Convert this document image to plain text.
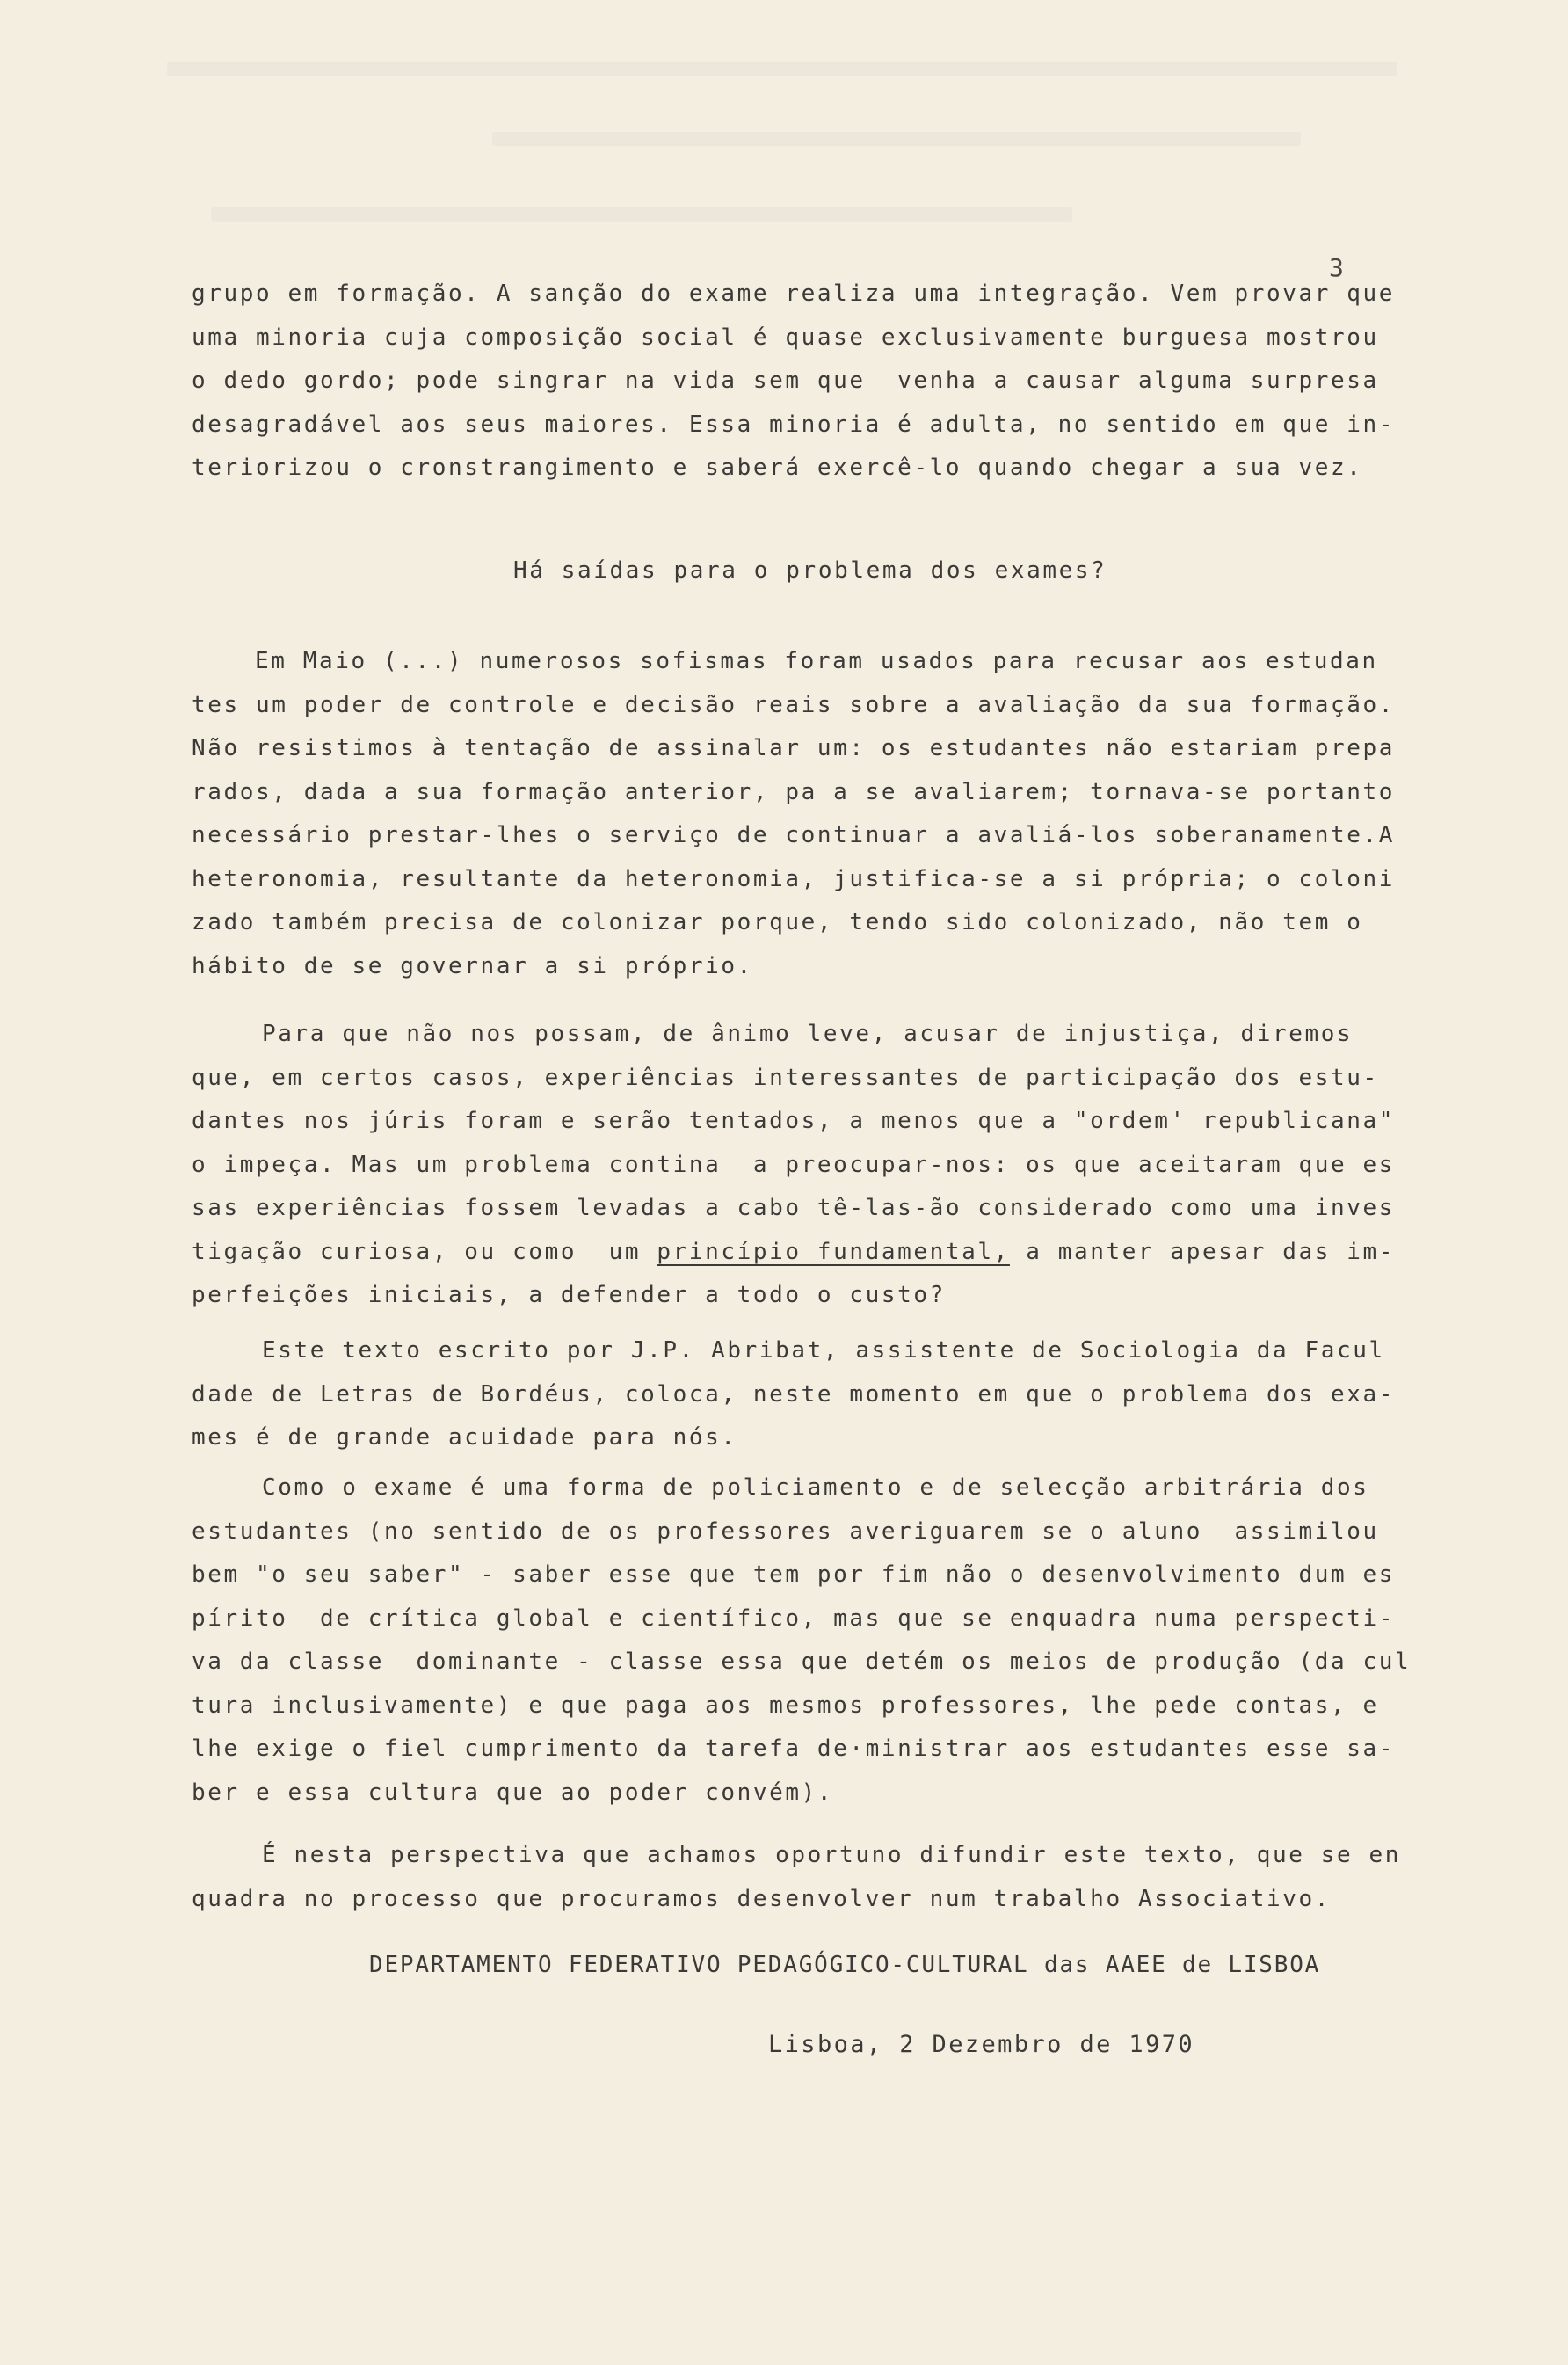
3

grupo em formação. A sanção do exame realiza uma integração. Vem provar que
uma minoria cuja composição social é quase exclusivamente burguesa mostrou
o dedo gordo; pode singrar na vida sem que  venha a causar alguma surpresa
desagradável aos seus maiores. Essa minoria é adulta, no sentido em que in-
teriorizou o cronstrangimento e saberá exercê-lo quando chegar a sua vez.

Há saídas para o problema dos exames?

Em Maio (...) numerosos sofismas foram usados para recusar aos estudan
tes um poder de controle e decisão reais sobre a avaliação da sua formação.
Não resistimos à tentação de assinalar um: os estudantes não estariam prepa
rados, dada a sua formação anterior, pa a se avaliarem; tornava-se portanto
necessário prestar-lhes o serviço de continuar a avaliá-los soberanamente.A
heteronomia, resultante da heteronomia, justifica-se a si própria; o coloni
zado também precisa de colonizar porque, tendo sido colonizado, não tem o
hábito de se governar a si próprio.

Para que não nos possam, de ânimo leve, acusar de injustiça, diremos
que, em certos casos, experiências interessantes de participação dos estu-
dantes nos júris foram e serão tentados, a menos que a "ordem' republicana"
o impeça. Mas um problema contina  a preocupar-nos: os que aceitaram que es
sas experiências fossem levadas a cabo tê-las-ão considerado como uma inves
tigação curiosa, ou como  um princípio fundamental, a manter apesar das im-
perfeições iniciais, a defender a todo o custo?

Este texto escrito por J.P. Abribat, assistente de Sociologia da Facul
dade de Letras de Bordéus, coloca, neste momento em que o problema dos exa-
mes é de grande acuidade para nós.

Como o exame é uma forma de policiamento e de selecção arbitrária dos
estudantes (no sentido de os professores averiguarem se o aluno  assimilou
bem "o seu saber" - saber esse que tem por fim não o desenvolvimento dum es
pírito  de crítica global e científico, mas que se enquadra numa perspecti-
va da classe  dominante - classe essa que detém os meios de produção (da cul
tura inclusivamente) e que paga aos mesmos professores, lhe pede contas, e
lhe exige o fiel cumprimento da tarefa de·ministrar aos estudantes esse sa-
ber e essa cultura que ao poder convém).

É nesta perspectiva que achamos oportuno difundir este texto, que se en
quadra no processo que procuramos desenvolver num trabalho Associativo.

DEPARTAMENTO FEDERATIVO PEDAGÓGICO-CULTURAL das AAEE de LISBOA
Lisboa, 2 Dezembro de 1970
